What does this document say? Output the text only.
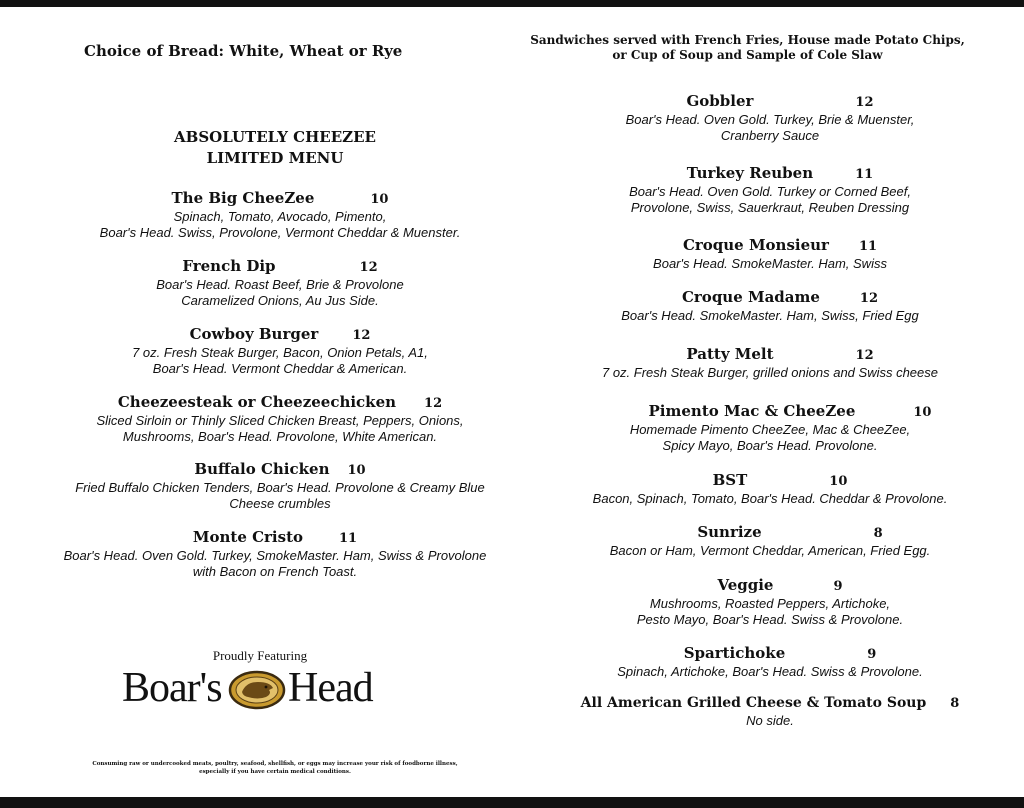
Choice of Bread: White, Wheat or Rye
Sandwiches served with French Fries, House made Potato Chips,
or Cup of Soup and Sample of Cole Slaw
ABSOLUTELY CHEEZEE
LIMITED MENU
The Big CheeZee	10
Spinach, Tomato, Avocado, Pimento,
Boar's Head. Swiss, Provolone, Vermont Cheddar & Muenster.
French Dip	12
Boar's Head. Roast Beef, Brie & Provolone
Caramelized Onions, Au Jus Side.
Cowboy Burger	12
7 oz. Fresh Steak Burger, Bacon, Onion Petals, A1,
Boar's Head. Vermont Cheddar & American.
Cheezeesteak or Cheezeechicken 12
Sliced Sirloin or Thinly Sliced Chicken Breast, Peppers, Onions,
Mushrooms, Boar's Head. Provolone, White American.
Buffalo Chicken 10
Fried Buffalo Chicken Tenders, Boar's Head. Provolone & Creamy Blue
Cheese crumbles
Monte Cristo	11
Boar's Head. Oven Gold. Turkey, SmokeMaster. Ham, Swiss & Provolone
with Bacon on French Toast.
Gobbler	12
Boar's Head. Oven Gold. Turkey, Brie & Muenster,
Cranberry Sauce
Turkey Reuben	11
Boar's Head. Oven Gold. Turkey or Corned Beef,
Provolone, Swiss, Sauerkraut, Reuben Dressing
Croque Monsieur 11
Boar's Head. SmokeMaster. Ham, Swiss
Croque Madame	12
Boar's Head. SmokeMaster. Ham, Swiss, Fried Egg
Patty Melt	12
7 oz. Fresh Steak Burger, grilled onions and Swiss cheese
Pimento Mac & CheeZee	10
Homemade Pimento CheeZee, Mac & CheeZee,
Spicy Mayo, Boar's Head. Provolone.
BST	10
Bacon, Spinach, Tomato, Boar's Head. Cheddar & Provolone.
Sunrize	8
Bacon or Ham, Vermont Cheddar, American, Fried Egg.
Veggie	9
Mushrooms, Roasted Peppers, Artichoke,
Pesto Mayo, Boar's Head. Swiss & Provolone.
Spartichoke	9
Spinach, Artichoke, Boar's Head. Swiss & Provolone.
All American Grilled Cheese & Tomato Soup 8
No side.
Proudly Featuring
Boar's Head
Consuming raw or undercooked meats, poultry, seafood, shellfish, or eggs may increase your risk of foodborne illness,
especially if you have certain medical conditions.
